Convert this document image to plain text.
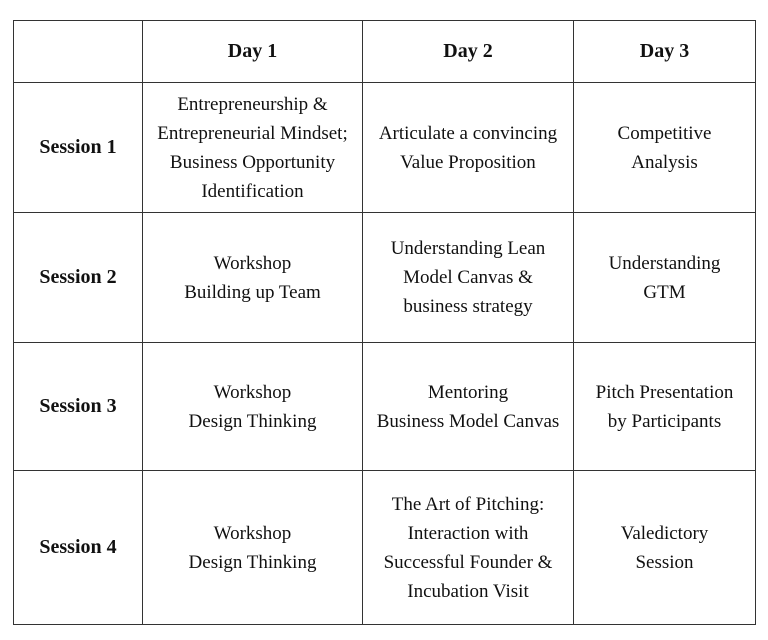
	Day 1	Day 2	Day 3
Session 1	Entrepreneurship &
Entrepreneurial Mindset;
Business Opportunity
Identification	Articulate a convincing
Value Proposition	Competitive
Analysis

Session 2	Workshop
Building up Team	Understanding Lean
Model Canvas &
business strategy	Understanding
GTM

Session 3	Workshop
Design Thinking	Mentoring
Business Model Canvas	Pitch Presentation
by Participants

Session 4	Workshop
Design Thinking	The Art of Pitching:
Interaction with
Successful Founder &
Incubation Visit	Valedictory
Session
